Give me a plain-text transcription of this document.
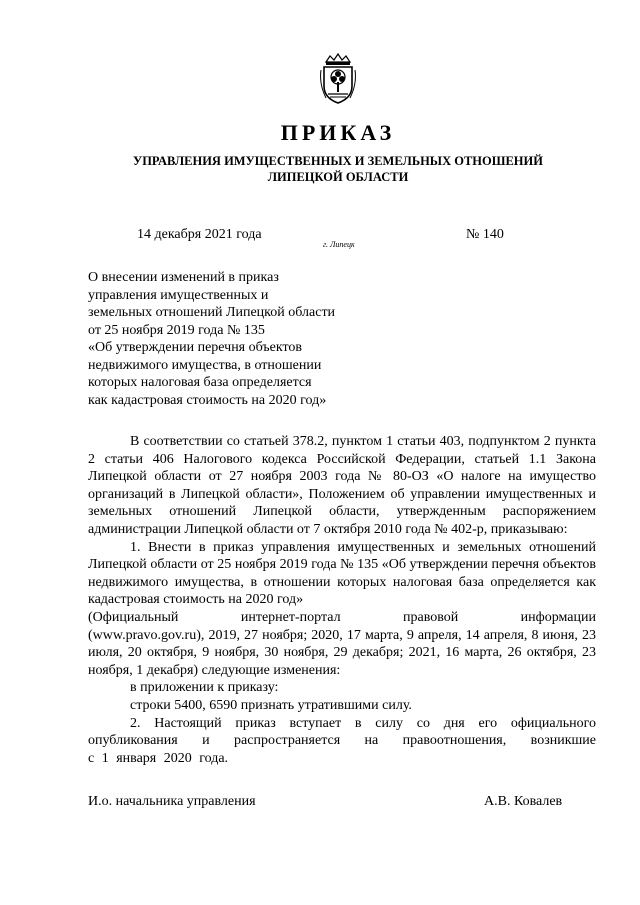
ПРИКАЗ
УПРАВЛЕНИЯ ИМУЩЕСТВЕННЫХ И ЗЕМЕЛЬНЫХ ОТНОШЕНИЙ
ЛИПЕЦКОЙ ОБЛАСТИ
14 декабря 2021 года	№ 140
г. Липецк
О внесении изменений в приказ
управления имущественных и
земельных отношений Липецкой области
от 25 ноября 2019 года № 135
«Об утверждении перечня объектов
недвижимого имущества, в отношении
которых налоговая база определяется
как кадастровая стоимость на 2020 год»

В соответствии со статьей 378.2, пунктом 1 статьи 403, подпунктом 2 пункта 2 статьи 406 Налогового кодекса Российской Федерации, статьей 1.1 Закона Липецкой области от 27 ноября 2003 года № 80-ОЗ «О налоге на имущество организаций в Липецкой области», Положением об управлении имущественных и земельных отношений Липецкой области, утвержденным распоряжением администрации Липецкой области от 7 октября 2010 года № 402-р, приказываю:

1. Внести в приказ управления имущественных и земельных отношений Липецкой области от 25 ноября 2019 года № 135 «Об утверждении перечня объектов недвижимого имущества, в отношении которых налоговая база определяется как кадастровая стоимость на 2020 год»

(Официальный	интернет-портал	правовой	информации

(www.pravo.gov.ru), 2019, 27 ноября; 2020, 17 марта, 9 апреля, 14 апреля, 8 июня, 23 июля, 20 октября, 9 ноября, 30 ноября, 29 декабря; 2021, 16 марта, 26 октября, 23 ноября, 1 декабря) следующие изменения:

в приложении к приказу:

строки 5400, 6590 признать утратившими силу.

2. Настоящий приказ вступает в силу со дня его официального опубликования и распространяется на правоотношения, возникшие

с 1 января 2020 года.

И.о. начальника управления	А.В. Ковалев
